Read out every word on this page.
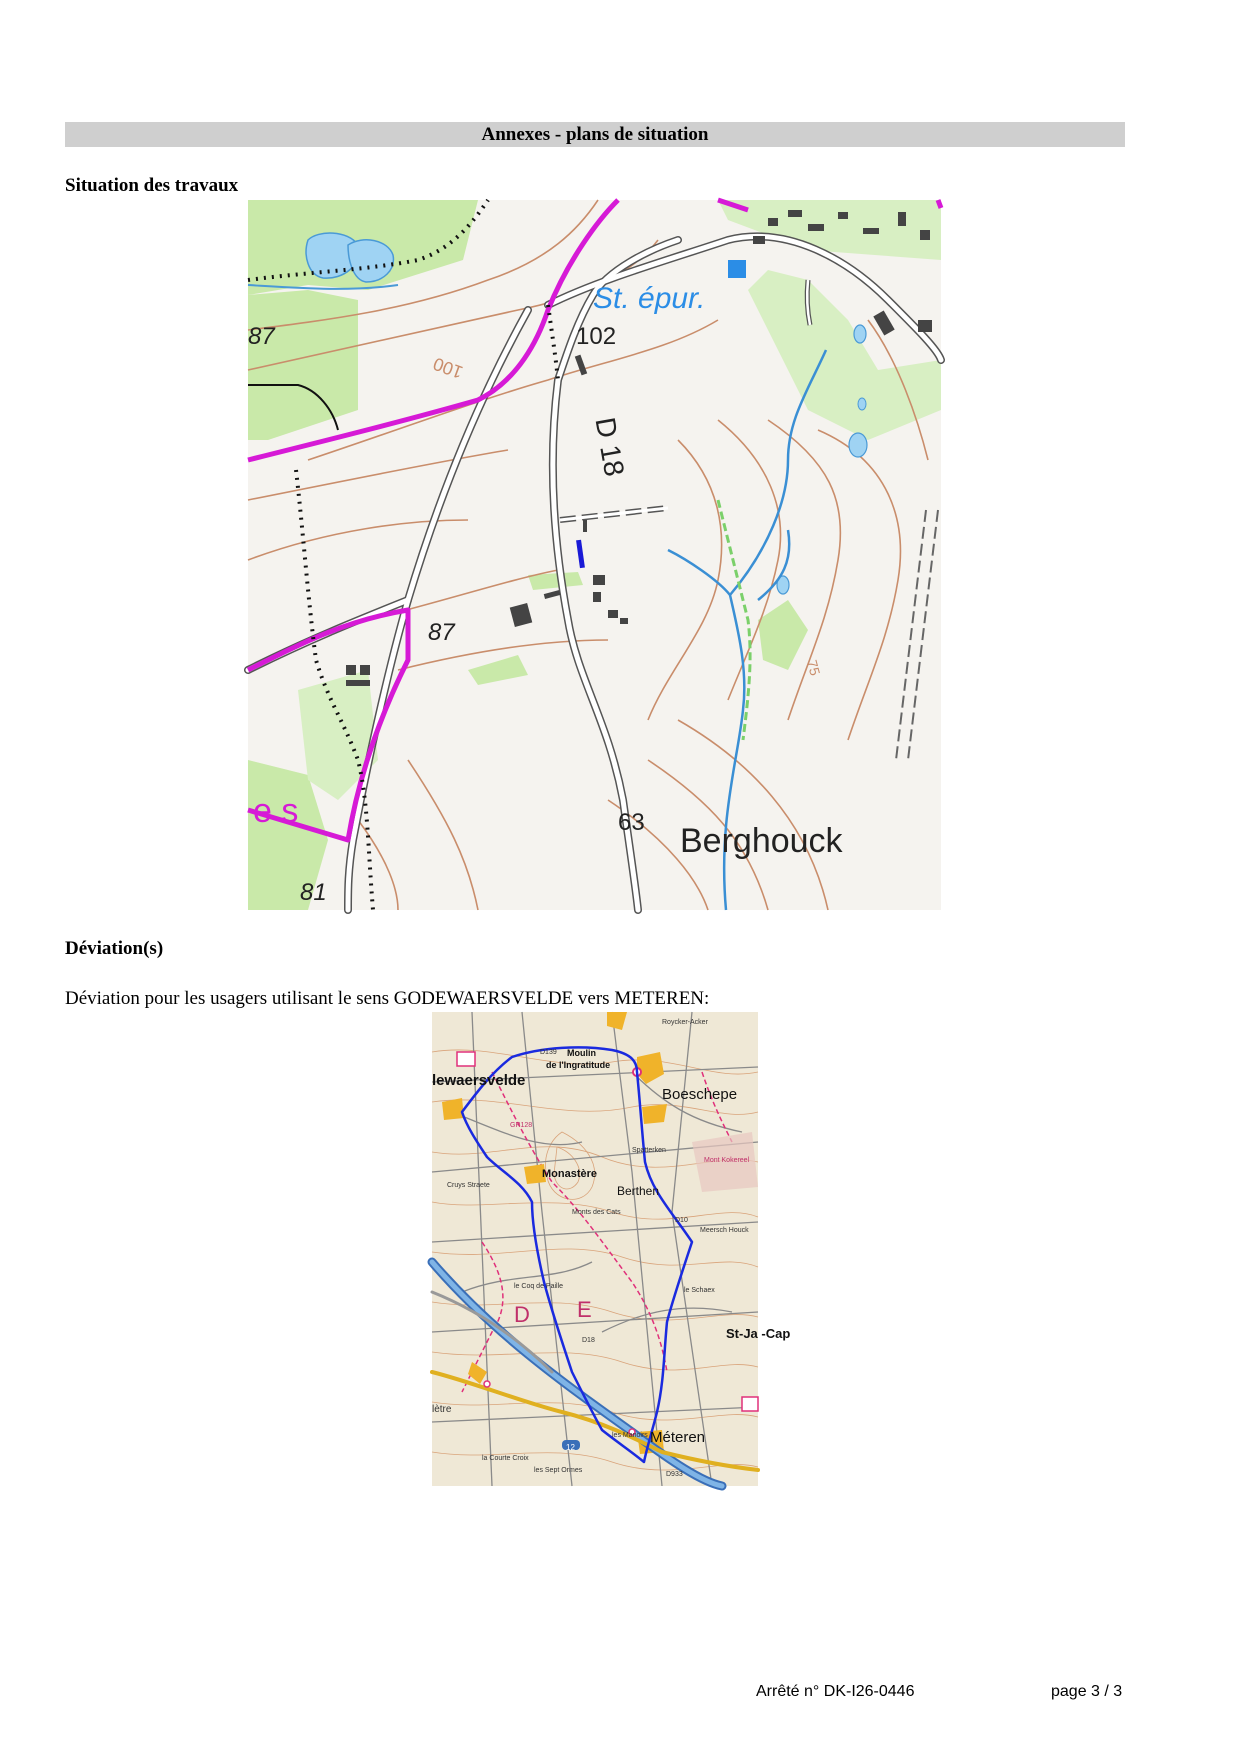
Annexes - plans de situation
Situation des travaux
St. épur.
102
87
100
D 18
87
63 Berghouck
81
e s
75
Déviation(s)
Déviation pour les usagers utilisant le sens GODEWAERSVELDE vers METEREN:
Moulin
de l'Ingratitude
lewaersvelde
Boeschepe
Monastère
Berthen
St-Ja -Cap
Méteren
Roycker-Acker
D139
Spatterken
Cruys Straete
Monts des Cats
Mont Kokereel
Meersch Houck
le Schaex
le Coq de Paille
les Manoirs
la Courte Croix
les Sept Ormes
lètre
D933
D18
D10
GR128
12
D E
Arrêté n° DK-I26-0446	page 3 / 3
